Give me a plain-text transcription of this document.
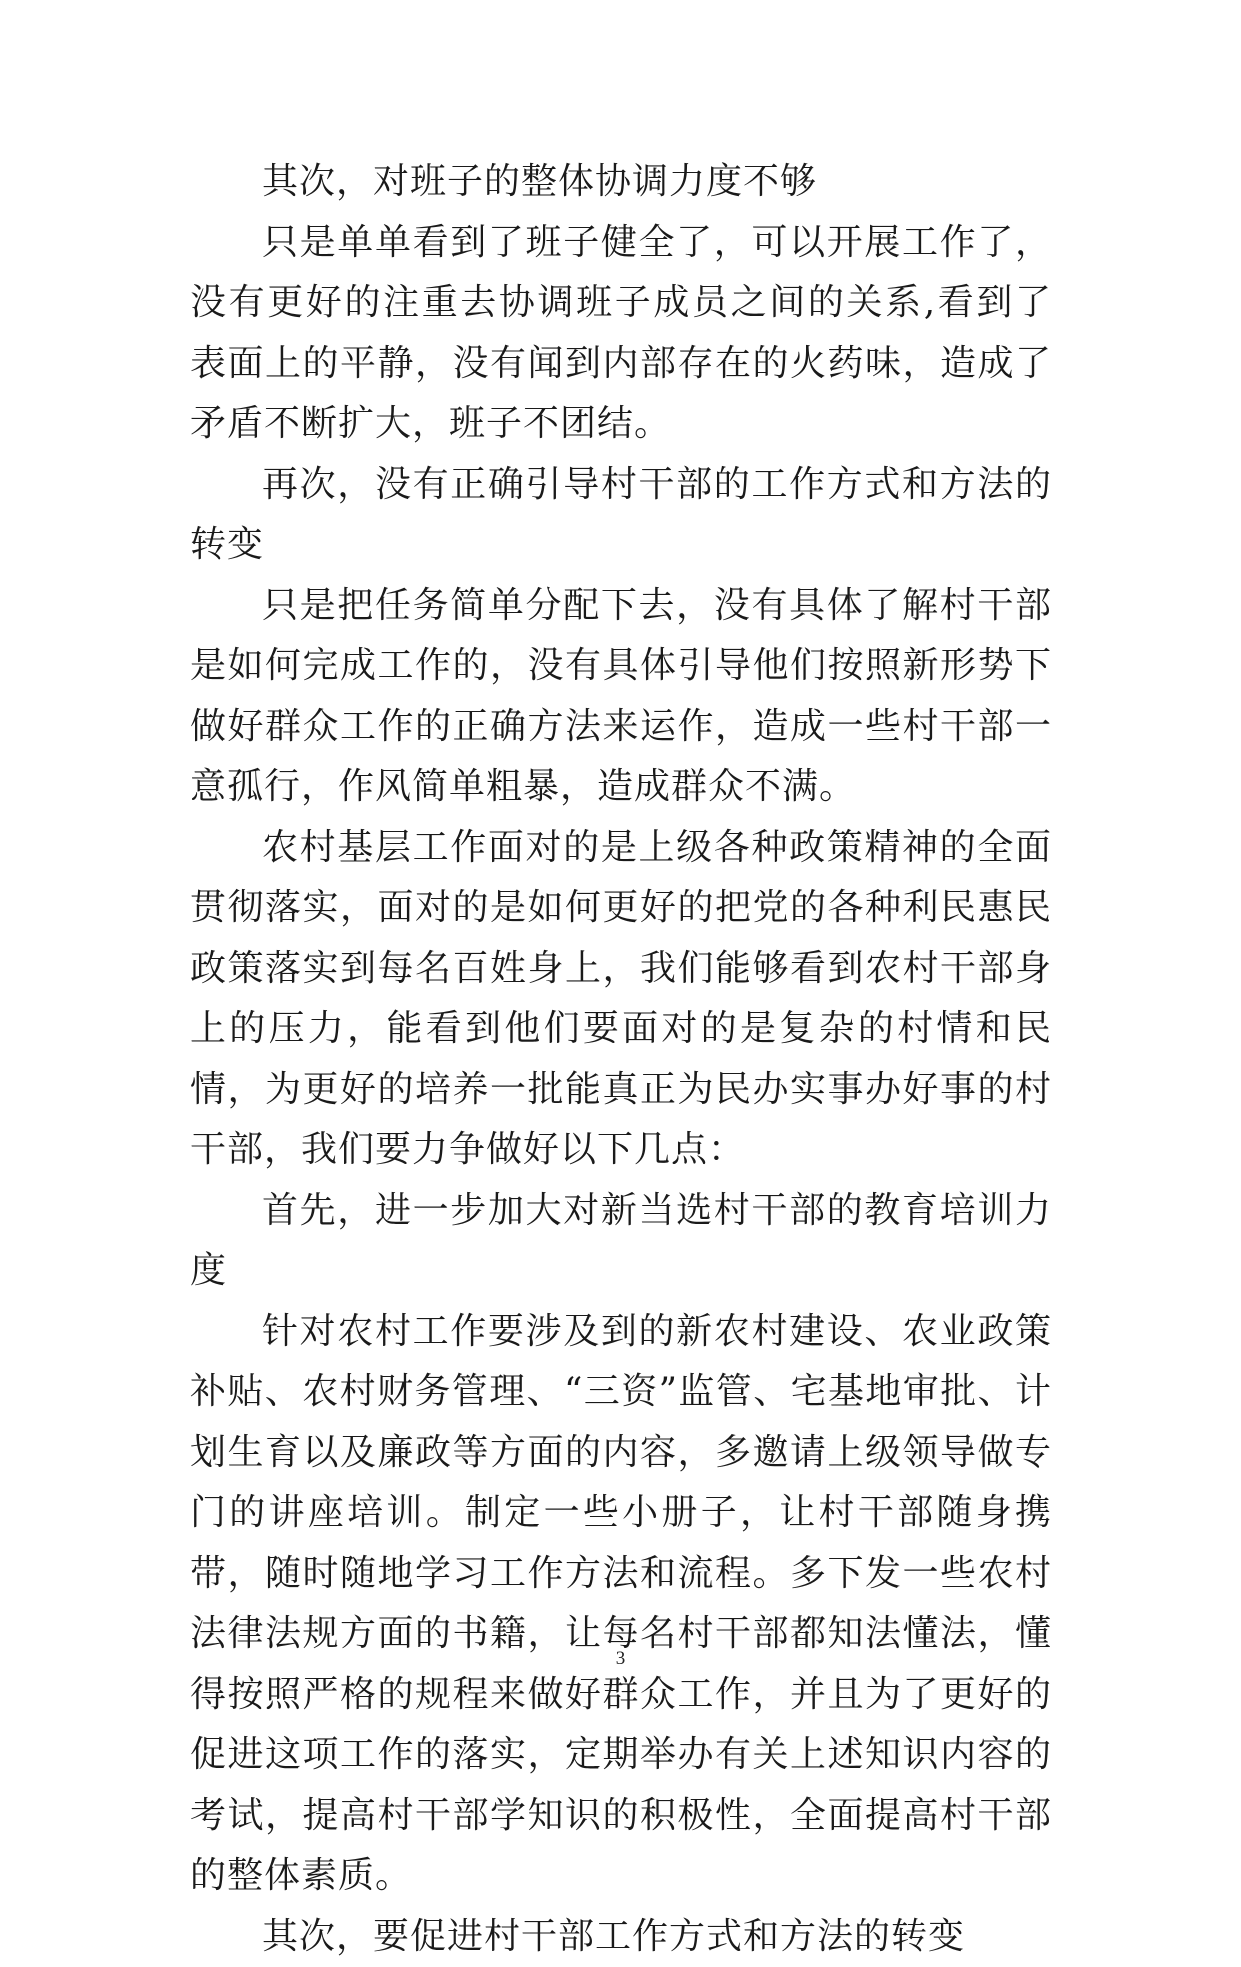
其次，对班子的整体协调力度不够

只是单单看到了班子健全了，可以开展工作了，没有更好的注重去协调班子成员之间的关系,看到了表面上的平静，没有闻到内部存在的火药味，造成了矛盾不断扩大，班子不团结。

再次，没有正确引导村干部的工作方式和方法的转变

只是把任务简单分配下去，没有具体了解村干部是如何完成工作的，没有具体引导他们按照新形势下做好群众工作的正确方法来运作，造成一些村干部一意孤行，作风简单粗暴，造成群众不满。

农村基层工作面对的是上级各种政策精神的全面贯彻落实，面对的是如何更好的把党的各种利民惠民政策落实到每名百姓身上，我们能够看到农村干部身上的压力，能看到他们要面对的是复杂的村情和民情，为更好的培养一批能真正为民办实事办好事的村干部，我们要力争做好以下几点：

首先，进一步加大对新当选村干部的教育培训力度

针对农村工作要涉及到的新农村建设、农业政策补贴、农村财务管理、“三资”监管、宅基地审批、计划生育以及廉政等方面的内容，多邀请上级领导做专门的讲座培训。制定一些小册子，让村干部随身携带，随时随地学习工作方法和流程。多下发一些农村法律法规方面的书籍，让每名村干部都知法懂法，懂得按照严格的规程来做好群众工作，并且为了更好的促进这项工作的落实，定期举办有关上述知识内容的考试，提高村干部学知识的积极性，全面提高村干部的整体素质。

其次，要促进村干部工作方式和方法的转变

3
